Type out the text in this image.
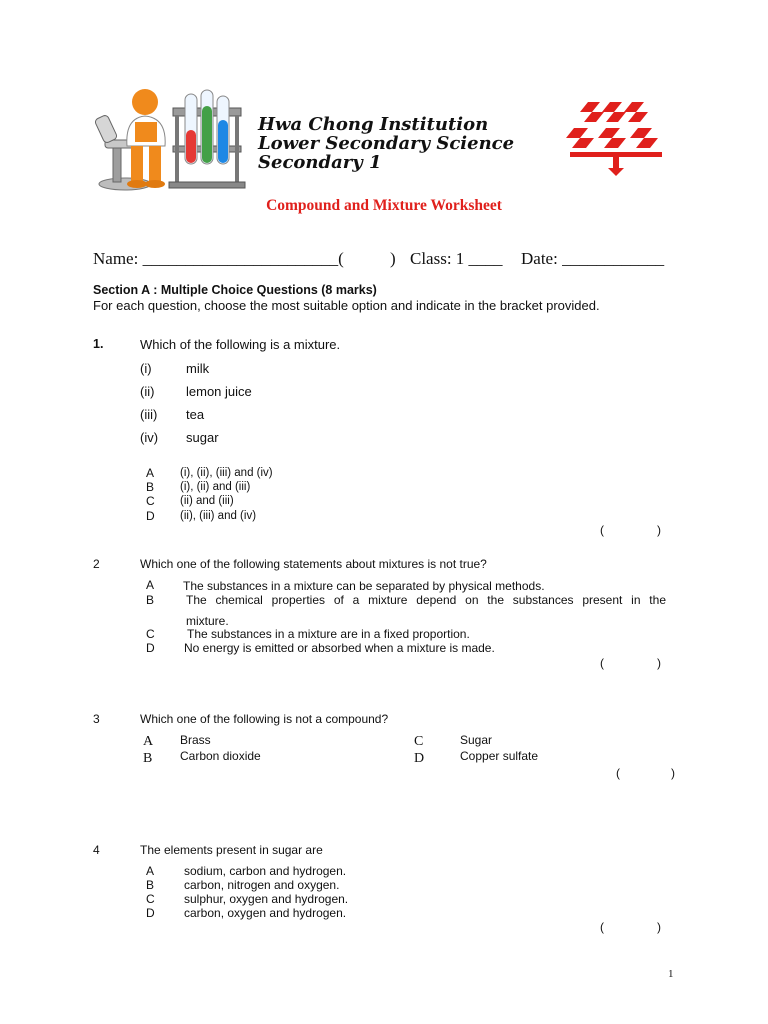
Hwa Chong Institution
Lower Secondary Science
Secondary 1
Compound and Mixture Worksheet
Name: _______________________(	) Class: 1 ____ Date: ____________
Section A : Multiple Choice Questions (8 marks)
For each question, choose the most suitable option and indicate in the bracket provided.
1.	Which of the following is a mixture.
(i)	milk
(ii) lemon juice
(iii) tea
(iv) sugar
A (i), (ii), (iii) and (iv)
B (i), (ii) and (iii)
C (ii) and (iii)
D (ii), (iii) and (iv)
(	)
2	Which one of the following statements about mixtures is not true?
A The substances in a mixture can be separated by physical methods.
B	The chemical properties of a mixture depend on the substances present in the
mixture.
C	The substances in a mixture are in a fixed proportion.
D No energy is emitted or absorbed when a mixture is made.
(	)
3	Which one of the following is not a compound?
A Brass
B Carbon dioxide
C	Sugar
D	Copper sulfate
(	)
4	The elements present in sugar are
A sodium, carbon and hydrogen.
B carbon, nitrogen and oxygen.
C sulphur, oxygen and hydrogen.
D carbon, oxygen and hydrogen.
(	)
1
